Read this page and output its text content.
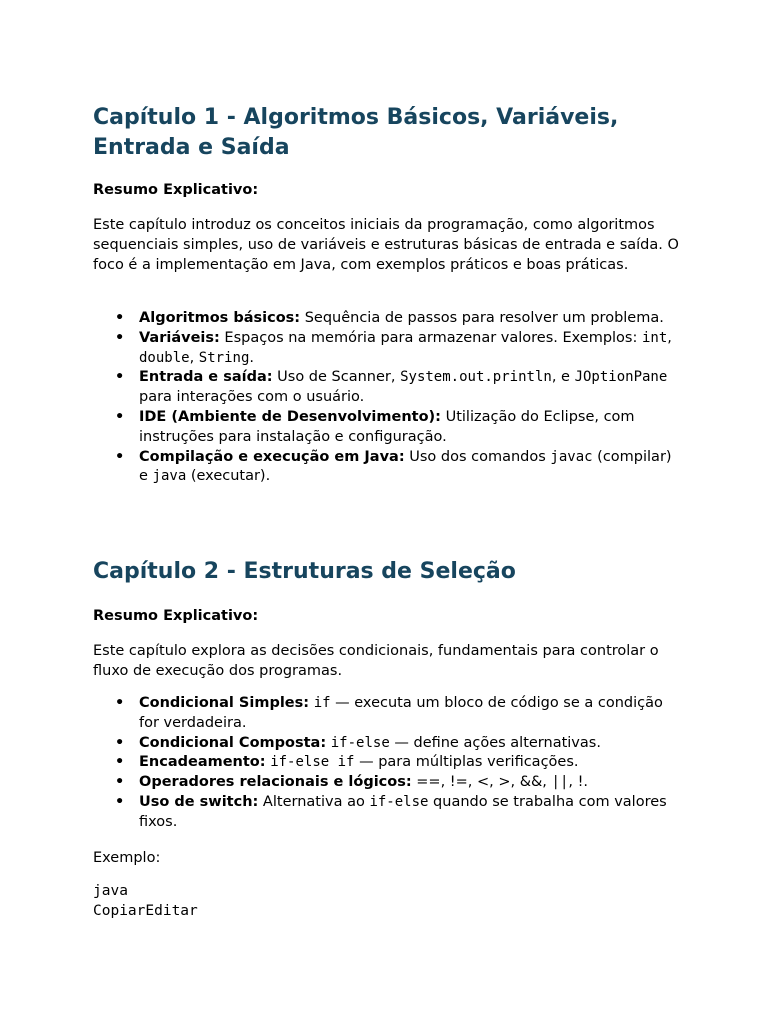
Capítulo 1 - Algoritmos Básicos, Variáveis, Entrada e Saída

Resumo Explicativo:

Este capítulo introduz os conceitos iniciais da programação, como algoritmos sequenciais simples, uso de variáveis e estruturas básicas de entrada e saída. O foco é a implementação em Java, com exemplos práticos e boas práticas.

• Algoritmos básicos: Sequência de passos para resolver um problema.
• Variáveis: Espaços na memória para armazenar valores. Exemplos: int, double, String.
• Entrada e saída: Uso de Scanner, System.out.println, e JOptionPane para interações com o usuário.
• IDE (Ambiente de Desenvolvimento): Utilização do Eclipse, com instruções para instalação e configuração.
• Compilação e execução em Java: Uso dos comandos javac (compilar) e java (executar).
Capítulo 2 - Estruturas de Seleção

Resumo Explicativo:

Este capítulo explora as decisões condicionais, fundamentais para controlar o fluxo de execução dos programas.

• Condicional Simples: if — executa um bloco de código se a condição for verdadeira.
• Condicional Composta: if-else — define ações alternativas.
• Encadeamento: if-else if — para múltiplas verificações.
• Operadores relacionais e lógicos: ==, !=, <, >, &&, ||, !.
• Uso de switch: Alternativa ao if-else quando se trabalha com valores fixos.

Exemplo:

java
CopiarEditar
